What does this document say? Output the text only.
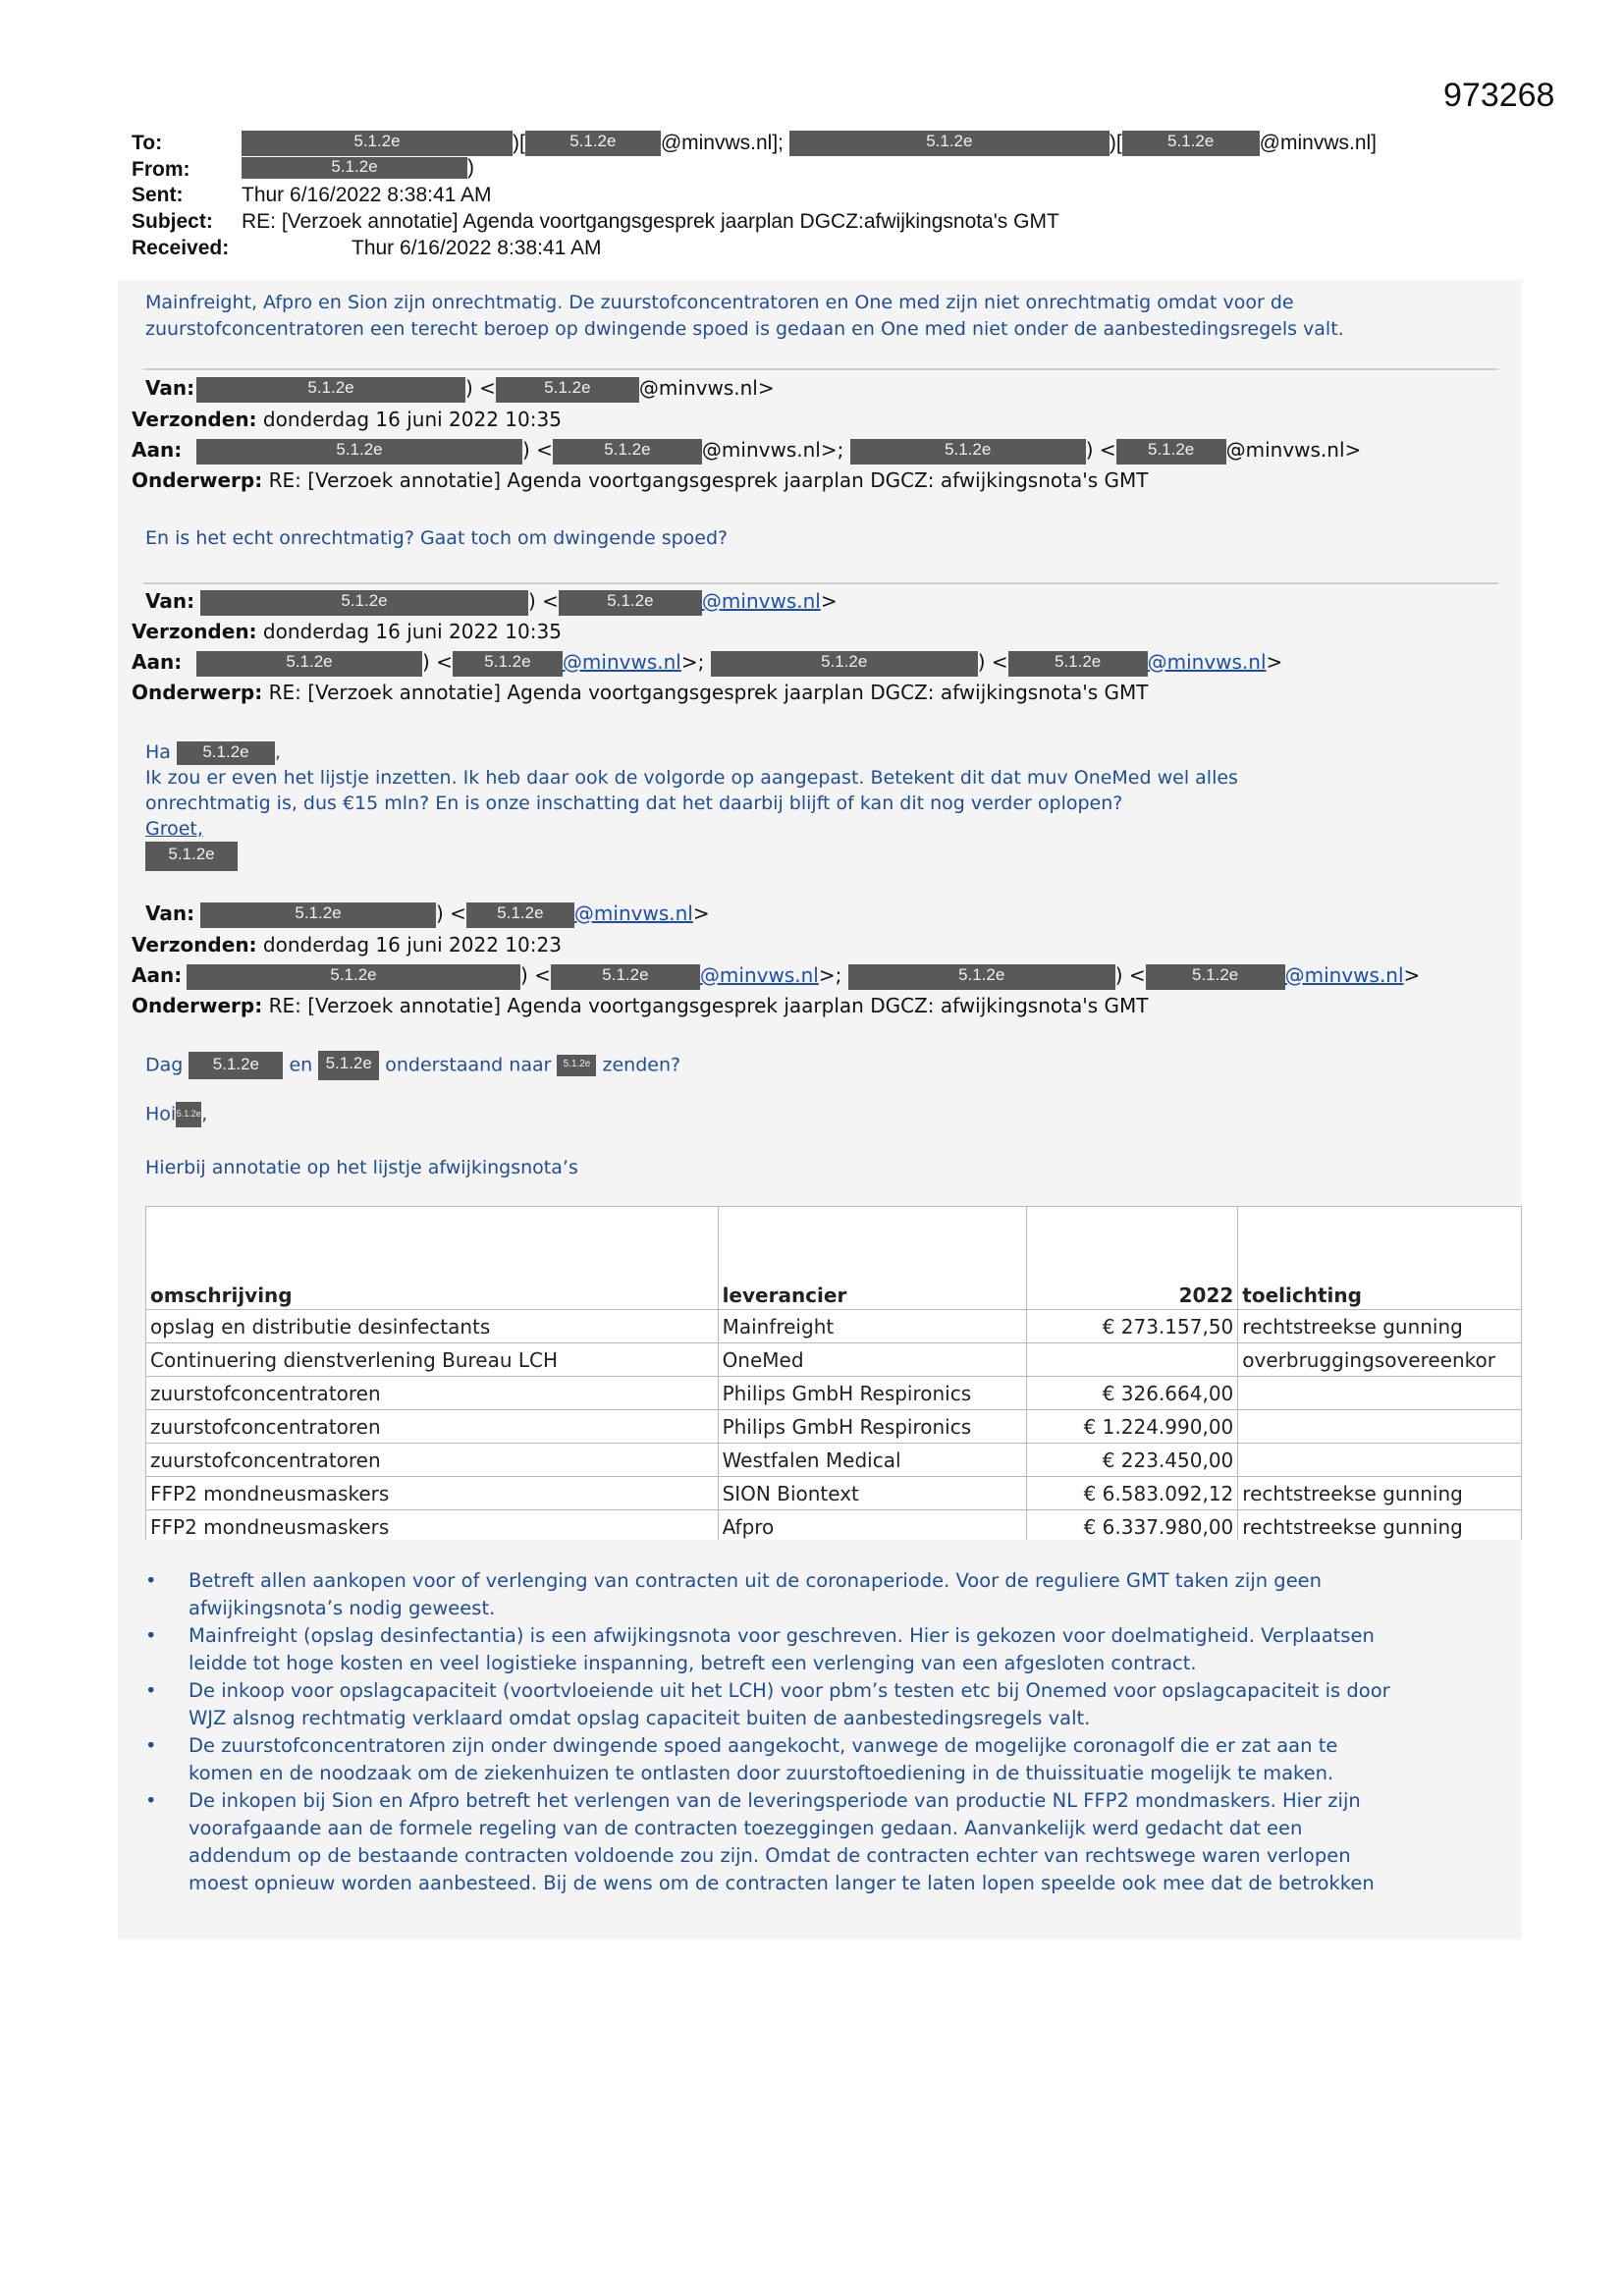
973268
To:	5.1.2e	)[	5.1.2e @minvws.nl];	5.1.2e	)[	5.1.2e @minvws.nl]
From:	5.1.2e	)
Sent:	Thur 6/16/2022 8:38:41 AM
Subject: RE: [Verzoek annotatie] Agenda voortgangsgesprek jaarplan DGCZ:afwijkingsnota's GMT
Received:	Thur 6/16/2022 8:38:41 AM
Mainfreight, Afpro en Sion zijn onrechtmatig. De zuurstofconcentratoren en One med zijn niet onrechtmatig omdat voor de
zuurstofconcentratoren een terecht beroep op dwingende spoed is gedaan en One med niet onder de aanbestedingsregels valt.
Van:	5.1.2e	) <	5.1.2e @minvws.nl>
Verzonden: donderdag 16 juni 2022 10:35
Aan:	5.1.2e	) <	5.1.2e	@minvws.nl>;	5.1.2e	) < 5.1.2e @minvws.nl>
Onderwerp: RE: [Verzoek annotatie] Agenda voortgangsgesprek jaarplan DGCZ: afwijkingsnota's GMT
En is het echt onrechtmatig? Gaat toch om dwingende spoed?
Van:	5.1.2e	) <	5.1.2e @minvws.nl>
Verzonden: donderdag 16 juni 2022 10:35
Aan:	5.1.2e	) < 5.1.2e @minvws.nl>;	5.1.2e	) <	5.1.2e @minvws.nl>
Onderwerp: RE: [Verzoek annotatie] Agenda voortgangsgesprek jaarplan DGCZ: afwijkingsnota's GMT
Ha 5.1.2e ,
Ik zou er even het lijstje inzetten. Ik heb daar ook de volgorde op aangepast. Betekent dit dat muv OneMed wel alles
onrechtmatig is, dus €15 mln? En is onze inschatting dat het daarbij blijft of kan dit nog verder oplopen?
Groet,
5.1.2e
Van:	5.1.2e	) < 5.1.2e @minvws.nl>
Verzonden: donderdag 16 juni 2022 10:23
Aan:	5.1.2e	) <	5.1.2e	@minvws.nl>;	5.1.2e	) <	5.1.2e @minvws.nl>
Onderwerp: RE: [Verzoek annotatie] Agenda voortgangsgesprek jaarplan DGCZ: afwijkingsnota's GMT
Dag 5.1.2e en 5.1.2e onderstaand naar 5.1.2e zenden?
Hoi5.1.2e,
Hierbij annotatie op het lijstje afwijkingsnota’s
omschrijving	leverancier	2022	toelichting
opslag en distributie desinfectants	Mainfreight	€ 273.157,50	rechtstreekse gunning
Continuering dienstverlening Bureau LCH	OneMed		overbruggingsovereenkor
zuurstofconcentratoren	Philips GmbH Respironics	€ 326.664,00	
zuurstofconcentratoren	Philips GmbH Respironics	€ 1.224.990,00	
zuurstofconcentratoren	Westfalen Medical	€ 223.450,00	
FFP2 mondneusmaskers	SION Biontext	€ 6.583.092,12	rechtstreekse gunning
FFP2 mondneusmaskers	Afpro	€ 6.337.980,00	rechtstreekse gunning
• Betreft allen aankopen voor of verlenging van contracten uit de coronaperiode. Voor de reguliere GMT taken zijn geen
afwijkingsnota’s nodig geweest.
• Mainfreight (opslag desinfectantia) is een afwijkingsnota voor geschreven. Hier is gekozen voor doelmatigheid. Verplaatsen
leidde tot hoge kosten en veel logistieke inspanning, betreft een verlenging van een afgesloten contract.
• De inkoop voor opslagcapaciteit (voortvloeiende uit het LCH) voor pbm’s testen etc bij Onemed voor opslagcapaciteit is door
WJZ alsnog rechtmatig verklaard omdat opslag capaciteit buiten de aanbestedingsregels valt.
• De zuurstofconcentratoren zijn onder dwingende spoed aangekocht, vanwege de mogelijke coronagolf die er zat aan te
komen en de noodzaak om de ziekenhuizen te ontlasten door zuurstoftoediening in de thuissituatie mogelijk te maken.
• De inkopen bij Sion en Afpro betreft het verlengen van de leveringsperiode van productie NL FFP2 mondmaskers. Hier zijn
voorafgaande aan de formele regeling van de contracten toezeggingen gedaan. Aanvankelijk werd gedacht dat een
addendum op de bestaande contracten voldoende zou zijn. Omdat de contracten echter van rechtswege waren verlopen
moest opnieuw worden aanbesteed. Bij de wens om de contracten langer te laten lopen speelde ook mee dat de betrokken
